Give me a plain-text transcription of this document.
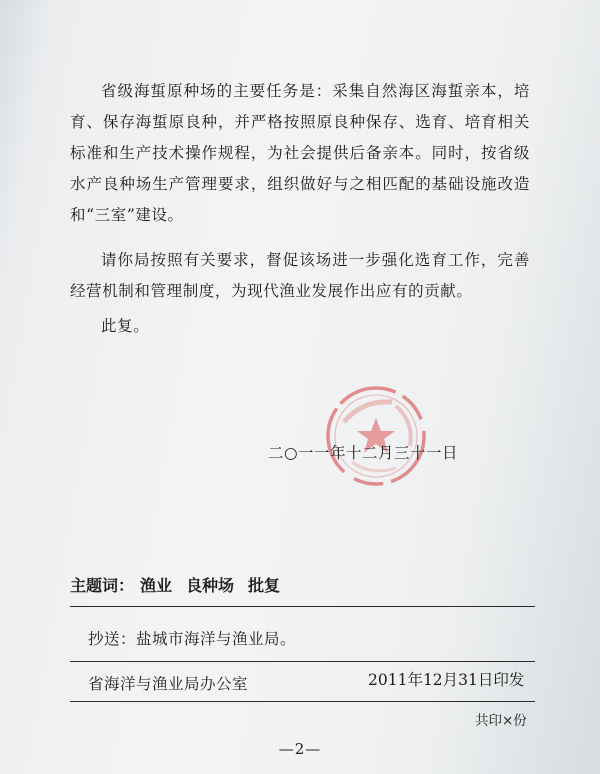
省级海蜇原种场的主要任务是：采集自然海区海蜇亲本，培育、保存海蜇原良种，并严格按照原良种保存、选育、培育相关标准和生产技术操作规程，为社会提供后备亲本。同时，按省级水产良种场生产管理要求，组织做好与之相匹配的基础设施改造和“三室”建设。

请你局按照有关要求，督促该场进一步强化选育工作，完善经营机制和管理制度，为现代渔业发展作出应有的贡献。

此复。

二○一一年十二月三十一日
主题词： 渔业 良种场 批复
抄送：盐城市海洋与渔业局。
省海洋与渔业局办公室	2011年12月31日印发
共印×份
—2—
